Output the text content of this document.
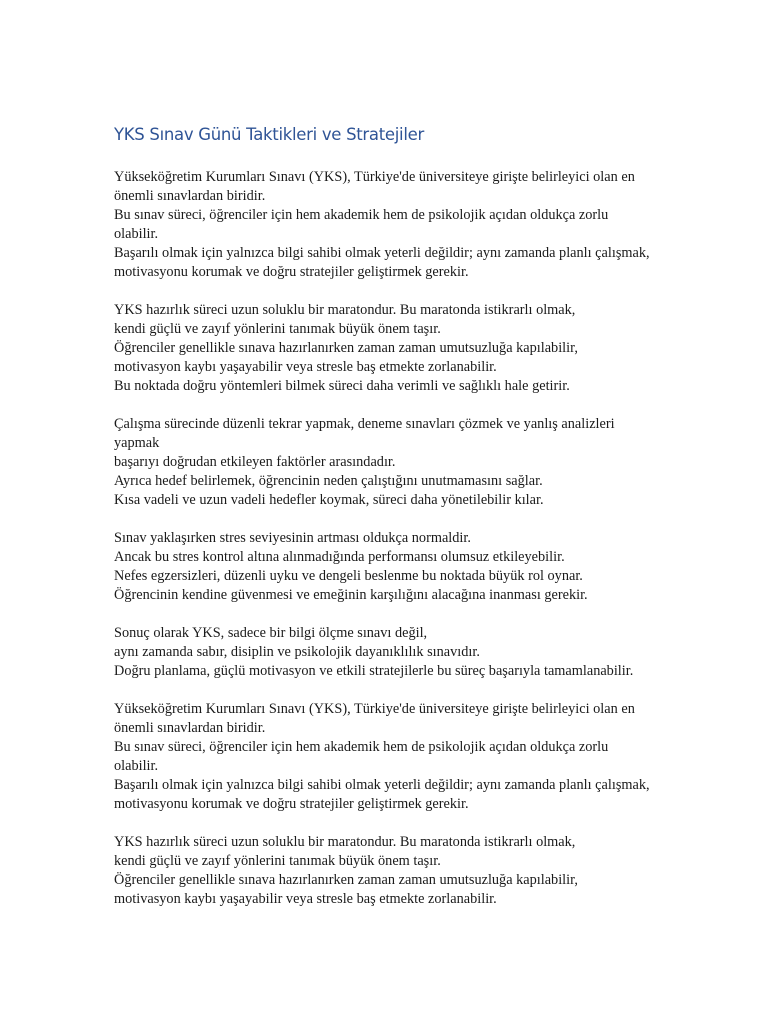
YKS Sınav Günü Taktikleri ve Stratejiler
Yükseköğretim Kurumları Sınavı (YKS), Türkiye'de üniversiteye girişte belirleyici olan en
önemli sınavlardan biridir.
Bu sınav süreci, öğrenciler için hem akademik hem de psikolojik açıdan oldukça zorlu
olabilir.
Başarılı olmak için yalnızca bilgi sahibi olmak yeterli değildir; aynı zamanda planlı çalışmak,
motivasyonu korumak ve doğru stratejiler geliştirmek gerekir.
YKS hazırlık süreci uzun soluklu bir maratondur. Bu maratonda istikrarlı olmak,
kendi güçlü ve zayıf yönlerini tanımak büyük önem taşır.
Öğrenciler genellikle sınava hazırlanırken zaman zaman umutsuzluğa kapılabilir,
motivasyon kaybı yaşayabilir veya stresle baş etmekte zorlanabilir.
Bu noktada doğru yöntemleri bilmek süreci daha verimli ve sağlıklı hale getirir.
Çalışma sürecinde düzenli tekrar yapmak, deneme sınavları çözmek ve yanlış analizleri
yapmak
başarıyı doğrudan etkileyen faktörler arasındadır.
Ayrıca hedef belirlemek, öğrencinin neden çalıştığını unutmamasını sağlar.
Kısa vadeli ve uzun vadeli hedefler koymak, süreci daha yönetilebilir kılar.
Sınav yaklaşırken stres seviyesinin artması oldukça normaldir.
Ancak bu stres kontrol altına alınmadığında performansı olumsuz etkileyebilir.
Nefes egzersizleri, düzenli uyku ve dengeli beslenme bu noktada büyük rol oynar.
Öğrencinin kendine güvenmesi ve emeğinin karşılığını alacağına inanması gerekir.
Sonuç olarak YKS, sadece bir bilgi ölçme sınavı değil,
aynı zamanda sabır, disiplin ve psikolojik dayanıklılık sınavıdır.
Doğru planlama, güçlü motivasyon ve etkili stratejilerle bu süreç başarıyla tamamlanabilir.
Yükseköğretim Kurumları Sınavı (YKS), Türkiye'de üniversiteye girişte belirleyici olan en
önemli sınavlardan biridir.
Bu sınav süreci, öğrenciler için hem akademik hem de psikolojik açıdan oldukça zorlu
olabilir.
Başarılı olmak için yalnızca bilgi sahibi olmak yeterli değildir; aynı zamanda planlı çalışmak,
motivasyonu korumak ve doğru stratejiler geliştirmek gerekir.
YKS hazırlık süreci uzun soluklu bir maratondur. Bu maratonda istikrarlı olmak,
kendi güçlü ve zayıf yönlerini tanımak büyük önem taşır.
Öğrenciler genellikle sınava hazırlanırken zaman zaman umutsuzluğa kapılabilir,
motivasyon kaybı yaşayabilir veya stresle baş etmekte zorlanabilir.
